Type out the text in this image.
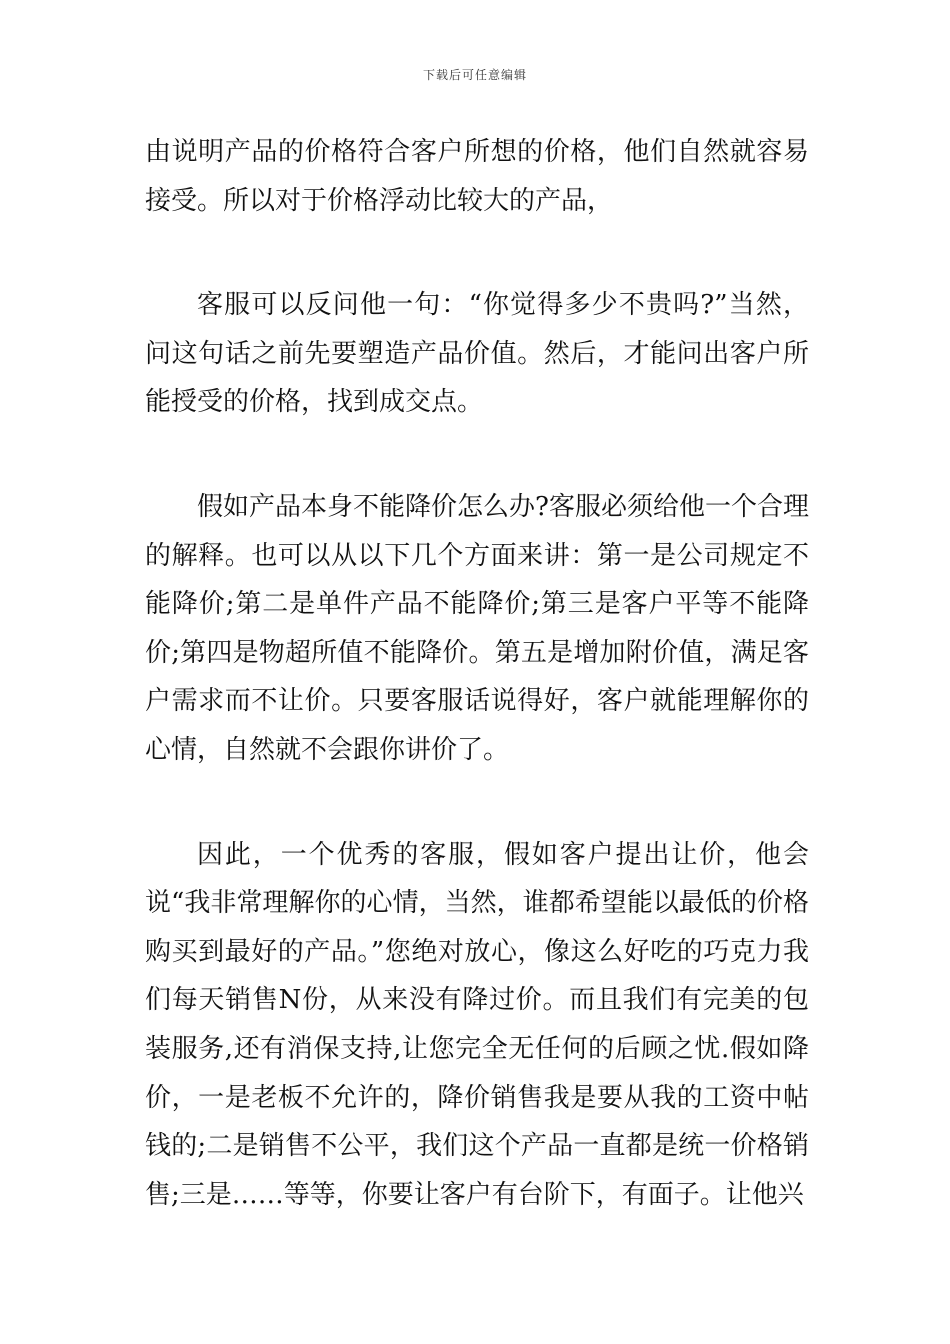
下载后可任意编辑

由说明产品的价格符合客户所想的价格，他们自然就容易接受。所以对于价格浮动比较大的产品，

客服可以反问他一句：“你觉得多少不贵吗?”当然，问这句话之前先要塑造产品价值。然后，才能问出客户所能授受的价格，找到成交点。

假如产品本身不能降价怎么办?客服必须给他一个合理的解释。也可以从以下几个方面来讲：第一是公司规定不能降价;第二是单件产品不能降价;第三是客户平等不能降价;第四是物超所值不能降价。第五是增加附价值，满足客户需求而不让价。只要客服话说得好，客户就能理解你的心情，自然就不会跟你讲价了。

因此，一个优秀的客服，假如客户提出让价，他会说“我非常理解你的心情，当然，谁都希望能以最低的价格购买到最好的产品。”您绝对放心，像这么好吃的巧克力我们每天销售N份，从来没有降过价。而且我们有完美的包装服务,还有消保支持,让您完全无任何的后顾之忧.假如降价，一是老板不允许的，降价销售我是要从我的工资中帖钱的;二是销售不公平，我们这个产品一直都是统一价格销售;三是……等等，你要让客户有台阶下，有面子。让他兴
